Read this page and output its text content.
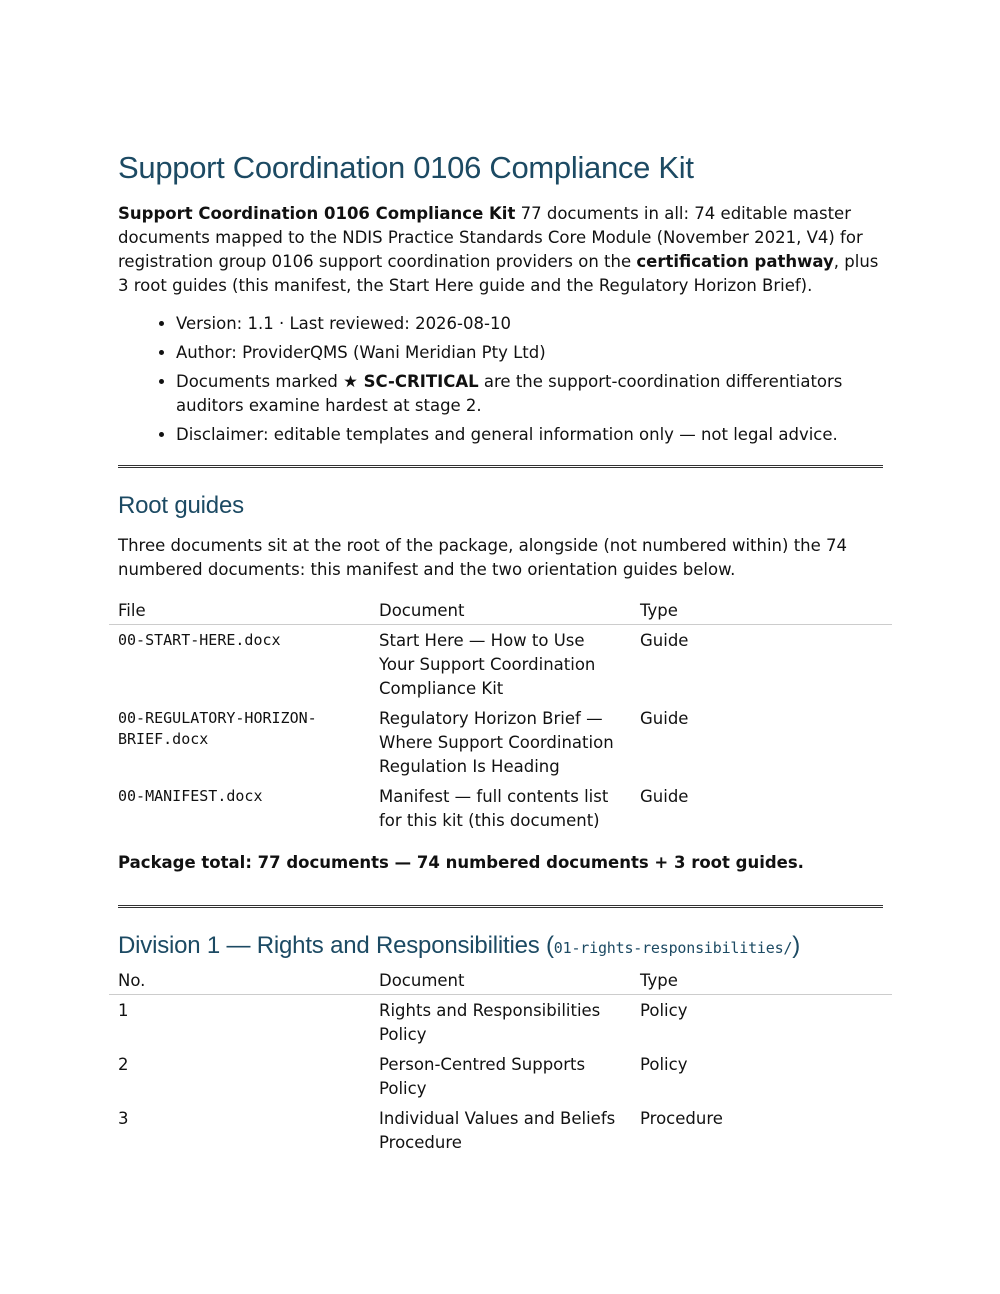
Support Coordination 0106 Compliance Kit

Support Coordination 0106 Compliance Kit 77 documents in all: 74 editable master documents mapped to the NDIS Practice Standards Core Module (November 2021, V4) for registration group 0106 support coordination providers on the certification pathway, plus 3 root guides (this manifest, the Start Here guide and the Regulatory Horizon Brief).

• Version: 1.1 · Last reviewed: 2026-08-10
• Author: ProviderQMS (Wani Meridian Pty Ltd)
• Documents marked ★ SC-CRITICAL are the support-coordination differentiators auditors examine hardest at stage 2.
• Disclaimer: editable templates and general information only — not legal advice.
Root guides

Three documents sit at the root of the package, alongside (not numbered within) the 74 numbered documents: this manifest and the two orientation guides below.

File	Document	Type
00-START-HERE.docx	Start Here — How to Use Your Support Coordination Compliance Kit	Guide
00-REGULATORY-HORIZON-BRIEF.docx	Regulatory Horizon Brief — Where Support Coordination Regulation Is Heading	Guide
00-MANIFEST.docx	Manifest — full contents list for this kit (this document)	Guide

Package total: 77 documents — 74 numbered documents + 3 root guides.

Division 1 — Rights and Responsibilities (01-rights-responsibilities/)
No.	Document	Type
1	Rights and Responsibilities Policy	Policy
2	Person-Centred Supports Policy	Policy
3	Individual Values and Beliefs Procedure	Procedure
